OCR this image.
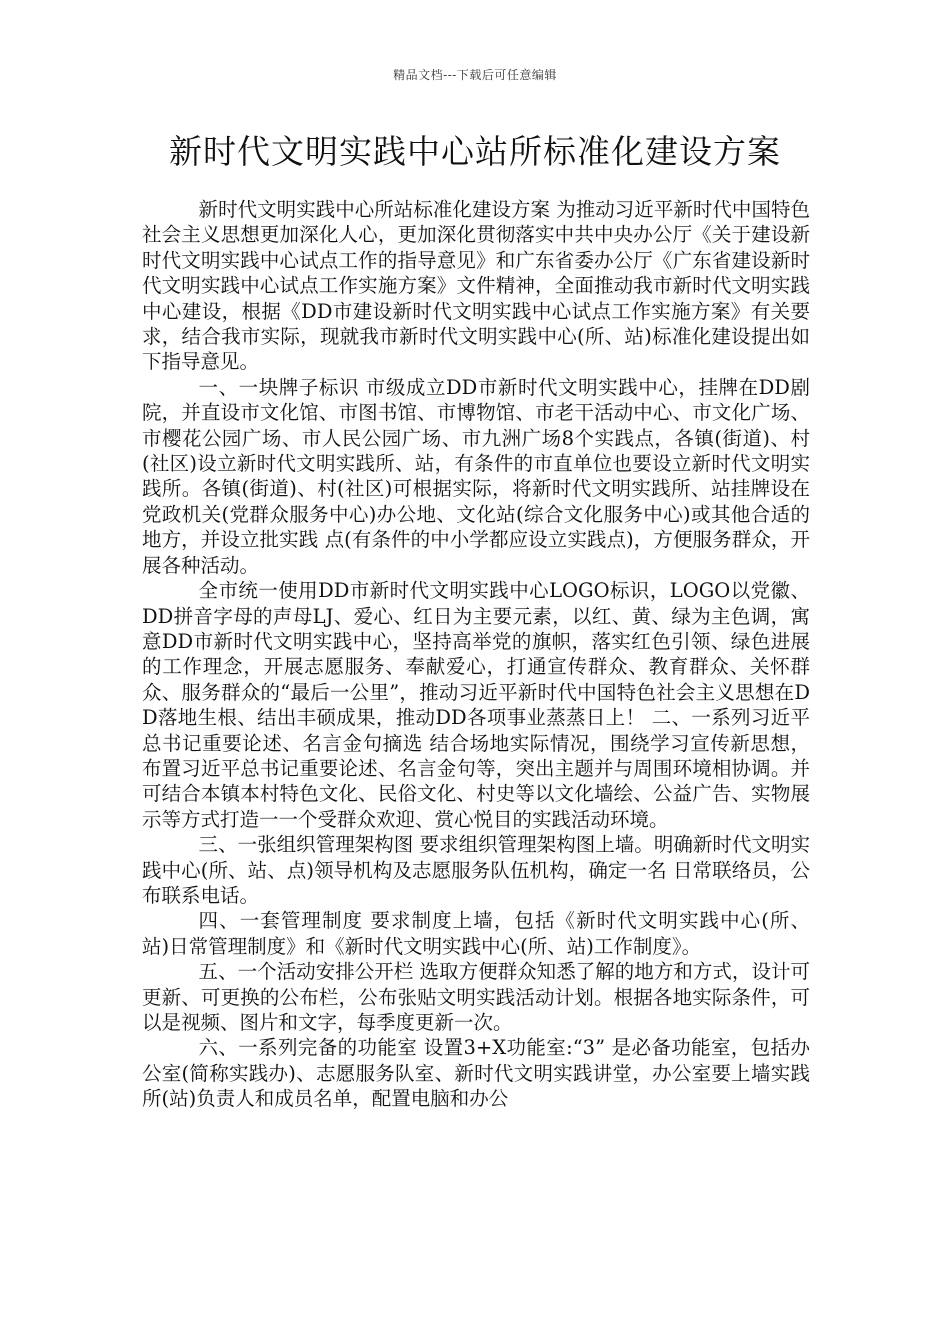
精品文档---下载后可任意编辑
新时代文明实践中心站所标准化建设方案

新时代文明实践中心所站标准化建设方案 为推动习近平新时代中国特色社会主义思想更加深化人心，更加深化贯彻落实中共中央办公厅《关于建设新时代文明实践中心试点工作的指导意见》和广东省委办公厅《广东省建设新时代文明实践中心试点工作实施方案》文件精神，全面推动我市新时代文明实践中心建设，根据《DD市建设新时代文明实践中心试点工作实施方案》有关要求，结合我市实际，现就我市新时代文明实践中心(所、站)标准化建设提出如下指导意见。

一、一块牌子标识 市级成立DD市新时代文明实践中心，挂牌在DD剧院，并直设市文化馆、市图书馆、市博物馆、市老干活动中心、市文化广场、市樱花公园广场、市人民公园广场、市九洲广场8个实践点，各镇(街道)、村(社区)设立新时代文明实践所、站，有条件的市直单位也要设立新时代文明实践所。各镇(街道)、村(社区)可根据实际，将新时代文明实践所、站挂牌设在党政机关(党群众服务中心)办公地、文化站(综合文化服务中心)或其他合适的地方，并设立批实践 点(有条件的中小学都应设立实践点)，方便服务群众，开展各种活动。

全市统一使用DD市新时代文明实践中心LOGO标识，LOGO以党徽、DD拼音字母的声母LJ、爱心、红日为主要元素，以红、黄、绿为主色调，寓意DD市新时代文明实践中心，坚持高举党的旗帜，落实红色引领、绿色进展的工作理念，开展志愿服务、奉献爱心，打通宣传群众、教育群众、关怀群众、服务群众的“最后一公里”，推动习近平新时代中国特色社会主义思想在DD落地生根、结出丰硕成果，推动DD各项事业蒸蒸日上！ 二、一系列习近平总书记重要论述、名言金句摘选 结合场地实际情况，围绕学习宣传新思想，布置习近平总书记重要论述、名言金句等，突出主题并与周围环境相协调。并可结合本镇本村特色文化、民俗文化、村史等以文化墙绘、公益广告、实物展示等方式打造一一个受群众欢迎、赏心悦目的实践活动环境。

三、一张组织管理架构图 要求组织管理架构图上墙。明确新时代文明实践中心(所、站、点)领导机构及志愿服务队伍机构，确定一名 日常联络员，公布联系电话。

四、一套管理制度 要求制度上墙，包括《新时代文明实践中心(所、 站)日常管理制度》和《新时代文明实践中心(所、站)工作制度》。

五、一个活动安排公开栏 选取方便群众知悉了解的地方和方式，设计可更新、可更换的公布栏，公布张贴文明实践活动计划。根据各地实际条件，可以是视频、图片和文字，每季度更新一次。

六、一系列完备的功能室 设置3+X功能室:“3” 是必备功能室，包括办公室(简称实践办)、志愿服务队室、新时代文明实践讲堂，办公室要上墙实践所(站)负责人和成员名单，配置电脑和办公
